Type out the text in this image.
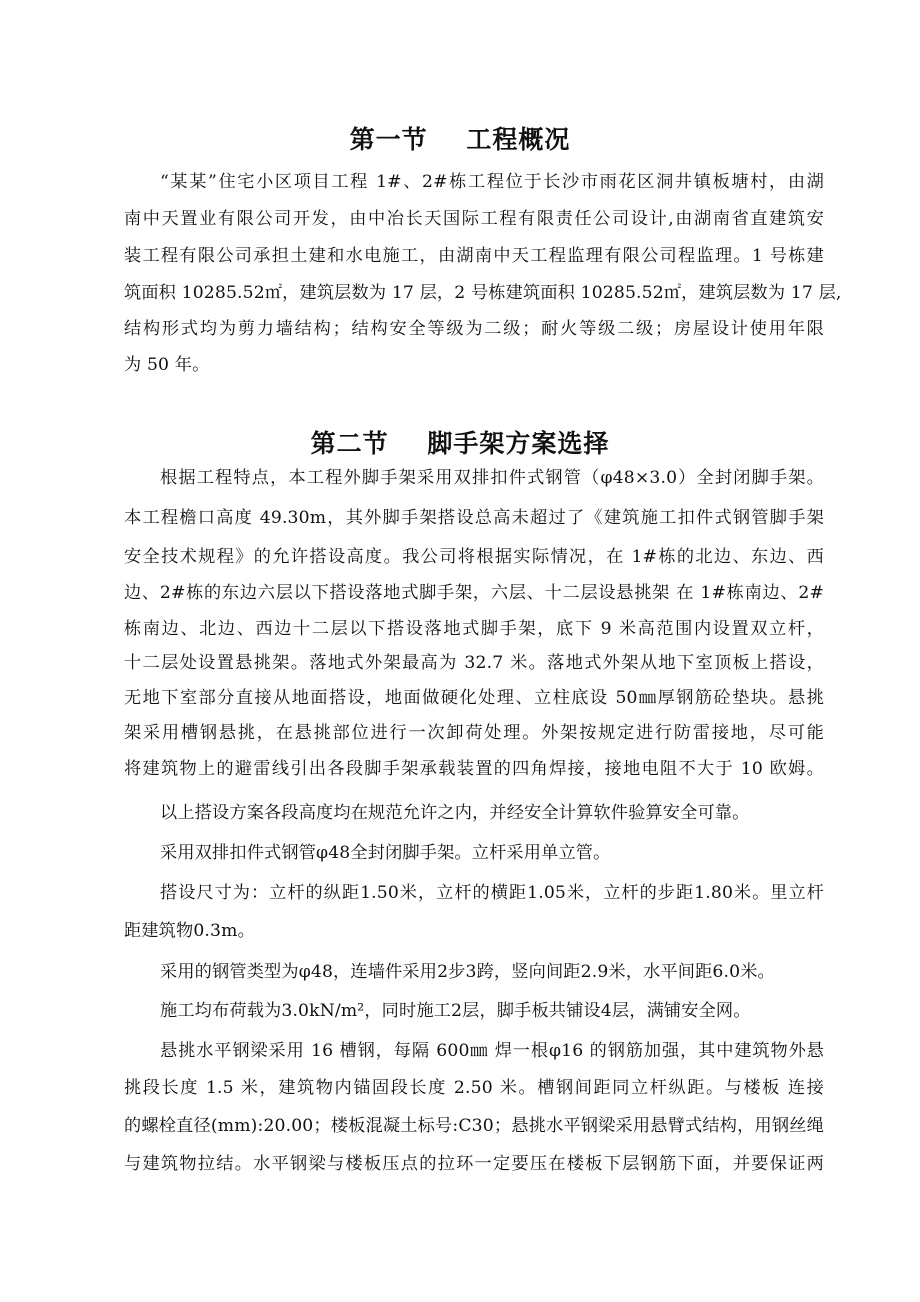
第一节    工程概况
“某某”住宅小区项目工程 1#、2#栋工程位于长沙市雨花区洞井镇板塘村，由湖
南中天置业有限公司开发，由中冶长天国际工程有限责任公司设计,由湖南省直建筑安
装工程有限公司承担土建和水电施工，由湖南中天工程监理有限公司程监理。1 号栋建
筑面积 10285.52㎡，建筑层数为 17 层，2 号栋建筑面积 10285.52㎡，建筑层数为 17 层,
结构形式均为剪力墙结构；结构安全等级为二级；耐火等级二级；房屋设计使用年限
为 50 年。
第二节    脚手架方案选择
根据工程特点，本工程外脚手架采用双排扣件式钢管（φ48×3.0）全封闭脚手架。
本工程檐口高度 49.30m，其外脚手架搭设总高未超过了《建筑施工扣件式钢管脚手架
安全技术规程》的允许搭设高度。我公司将根据实际情况，在 1#栋的北边、东边、西
边、2#栋的东边六层以下搭设落地式脚手架，六层、十二层设悬挑架 在 1#栋南边、2#
栋南边、北边、西边十二层以下搭设落地式脚手架，底下 9 米高范围内设置双立杆，
十二层处设置悬挑架。落地式外架最高为 32.7 米。落地式外架从地下室顶板上搭设，
无地下室部分直接从地面搭设，地面做硬化处理、立柱底设 50㎜厚钢筋砼垫块。悬挑
架采用槽钢悬挑，在悬挑部位进行一次卸荷处理。外架按规定进行防雷接地，尽可能
将建筑物上的避雷线引出各段脚手架承载装置的四角焊接，接地电阻不大于 10 欧姆。
以上搭设方案各段高度均在规范允许之内，并经安全计算软件验算安全可靠。
采用双排扣件式钢管φ48全封闭脚手架。立杆采用单立管。
搭设尺寸为：立杆的纵距1.50米，立杆的横距1.05米，立杆的步距1.80米。里立杆
距建筑物0.3m。
采用的钢管类型为φ48，连墙件采用2步3跨，竖向间距2.9米，水平间距6.0米。
施工均布荷载为3.0kN/m²，同时施工2层，脚手板共铺设4层，满铺安全网。
悬挑水平钢梁采用 16 槽钢，每隔 600㎜ 焊一根φ16 的钢筋加强，其中建筑物外悬
挑段长度 1.5 米，建筑物内锚固段长度 2.50 米。槽钢间距同立杆纵距。与楼板 连接
的螺栓直径(mm):20.00；楼板混凝土标号:C30；悬挑水平钢梁采用悬臂式结构，用钢丝绳
与建筑物拉结。水平钢梁与楼板压点的拉环一定要压在楼板下层钢筋下面，并要保证两
